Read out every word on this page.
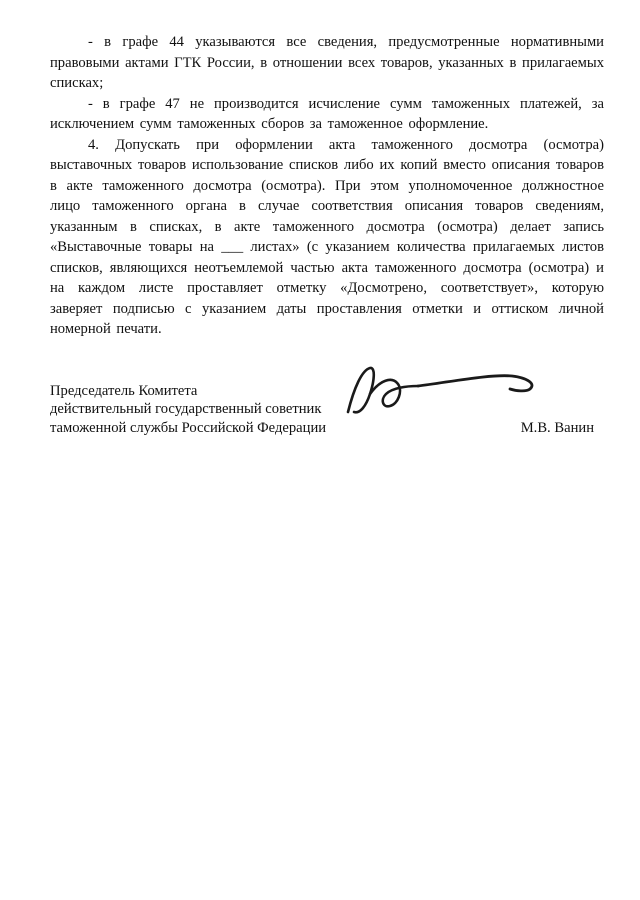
- в графе 44 указываются все сведения, предусмотренные нормативными правовыми актами ГТК России, в отношении всех товаров, указанных в прилагаемых списках;

- в графе 47 не производится исчисление сумм таможенных платежей, за исключением сумм таможенных сборов за таможенное оформление.

4. Допускать при оформлении акта таможенного досмотра (осмотра) выставочных товаров использование списков либо их копий вместо описания товаров в акте таможенного досмотра (осмотра). При этом уполномоченное должностное лицо таможенного органа в случае соответствия описания товаров сведениям, указанным в списках, в акте таможенного досмотра (осмотра) делает запись «Выставочные товары на ___ листах» (с указанием количества прилагаемых листов списков, являющихся неотъемлемой частью акта таможенного досмотра (осмотра) и на каждом листе проставляет отметку «Досмотрено, соответствует», которую заверяет подписью с указанием даты проставления отметки и оттиском личной номерной печати.

Председатель Комитета
действительный государственный советник
таможенной службы Российской Федерации	М.В. Ванин
